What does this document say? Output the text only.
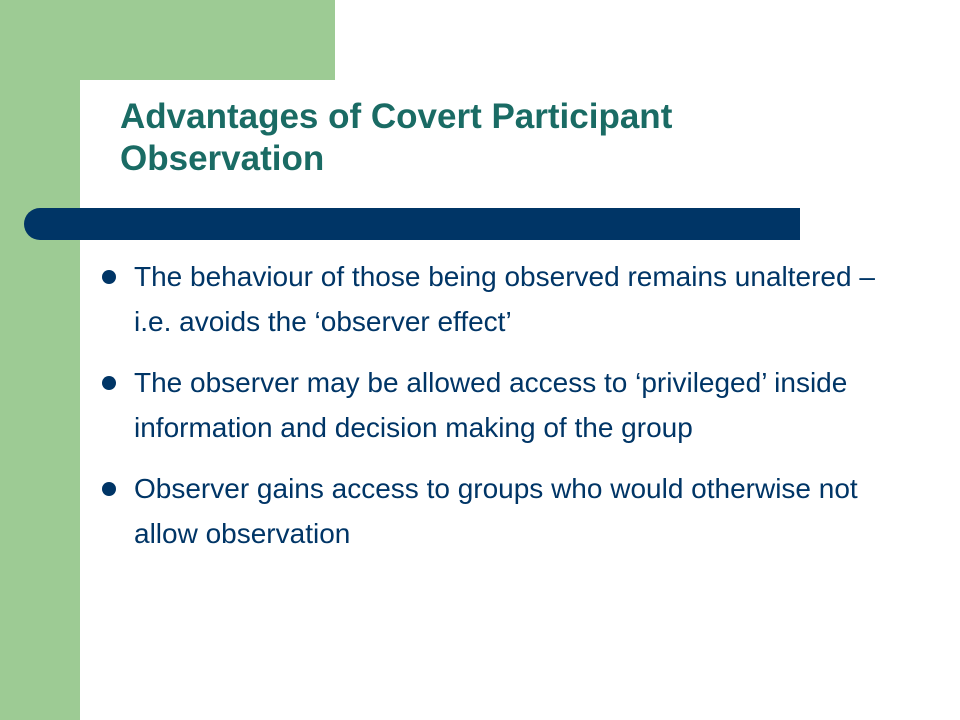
Advantages of Covert Participant Observation
The behaviour of those being observed remains unaltered – i.e. avoids the ‘observer effect’
The observer may be allowed access to ‘privileged’ inside information and decision making of the group
Observer gains access to groups who would otherwise not allow observation
